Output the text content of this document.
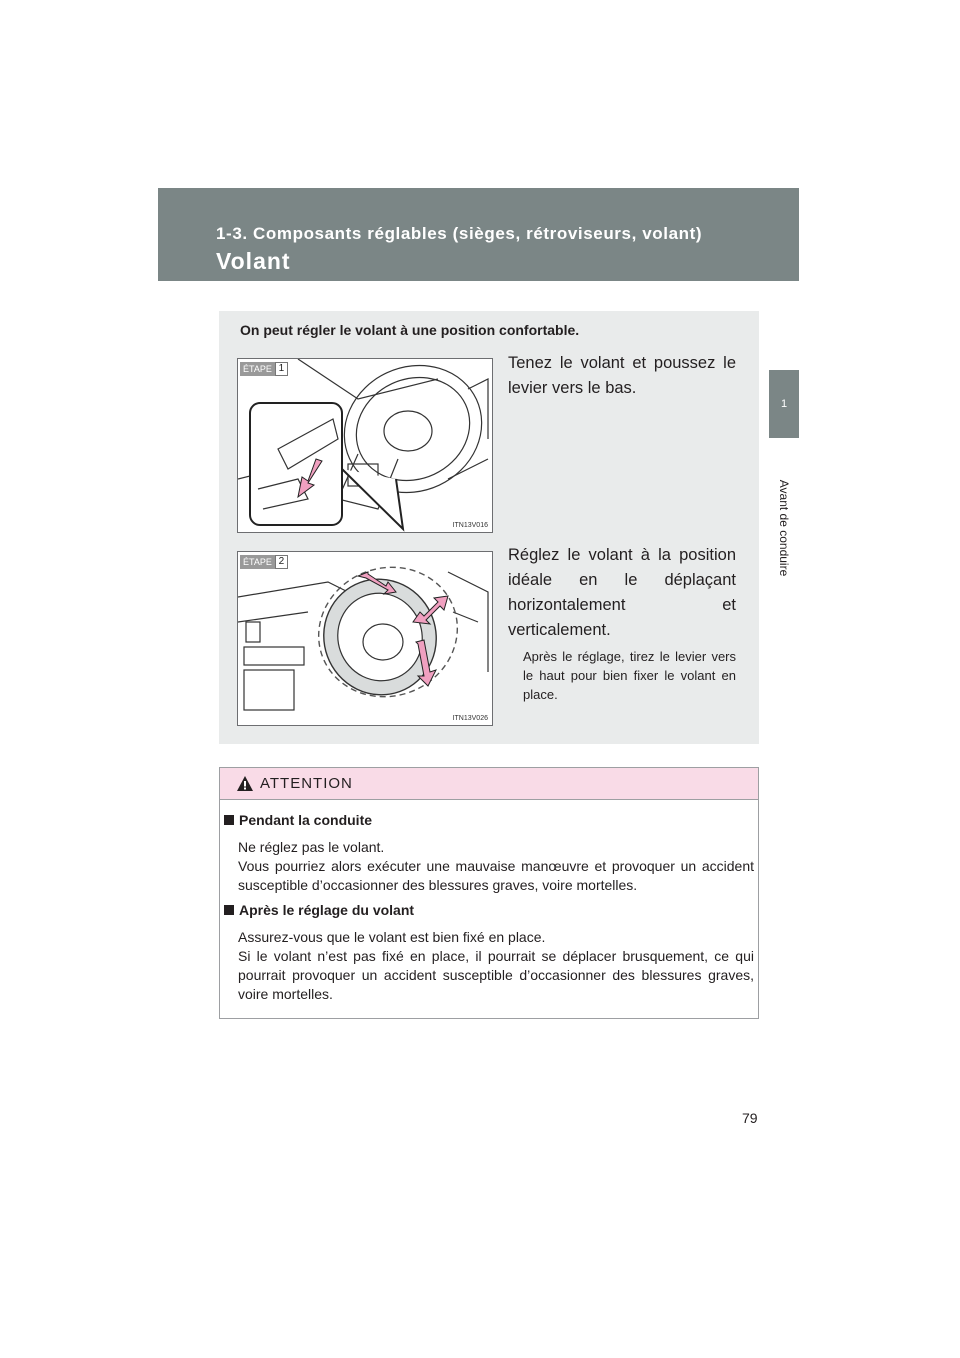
1-3. Composants réglables (sièges, rétroviseurs, volant)
Volant
1
Avant de conduire
On peut régler le volant à une position confortable.
ÉTAPE 1
ITN13V016
Tenez le volant et poussez le levier vers le bas.
ÉTAPE 2
ITN13V026
Réglez le volant à la position idéale en le déplaçant horizontalement et verticalement.
Après le réglage, tirez le levier vers le haut pour bien fixer le volant en place.
ATTENTION
Pendant la conduite

Ne réglez pas le volant.

Vous pourriez alors exécuter une mauvaise manœuvre et provoquer un accident susceptible d’occasionner des blessures graves, voire mortelles.

Après le réglage du volant

Assurez-vous que le volant est bien fixé en place.

Si le volant n’est pas fixé en place, il pourrait se déplacer brusquement, ce qui pourrait provoquer un accident susceptible d’occasionner des blessures graves, voire mortelles.

79
